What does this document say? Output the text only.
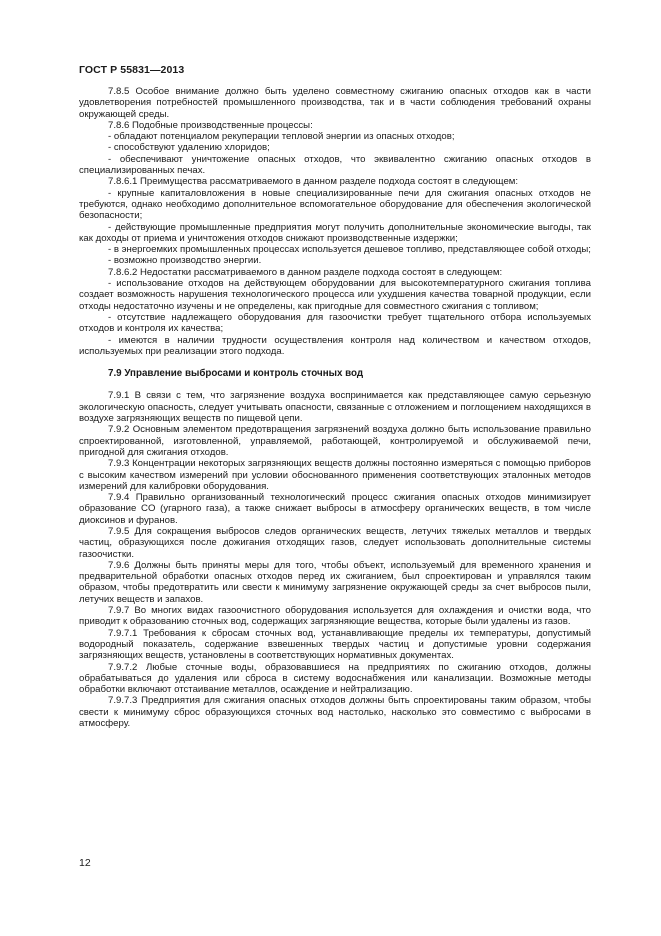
ГОСТ Р 55831—2013

7.8.5 Особое внимание должно быть уделено совместному сжиганию опасных отходов как в части удовлетворения потребностей промышленного производства, так и в части соблюдения требований охраны окружающей среды.

7.8.6 Подобные производственные процессы:

- обладают потенциалом рекуперации тепловой энергии из опасных отходов;

- способствуют удалению хлоридов;

- обеспечивают уничтожение опасных отходов, что эквивалентно сжиганию опасных отходов в специализированных печах.

7.8.6.1 Преимущества рассматриваемого в данном разделе подхода состоят в следующем:

- крупные капиталовложения в новые специализированные печи для сжигания опасных отходов не требуются, однако необходимо дополнительное вспомогательное оборудование для обеспечения экологической безопасности;

- действующие промышленные предприятия могут получить дополнительные экономические выгоды, так как доходы от приема и уничтожения отходов снижают производственные издержки;

- в энергоемких промышленных процессах используется дешевое топливо, представляющее собой отходы;

- возможно производство энергии.

7.8.6.2 Недостатки рассматриваемого в данном разделе подхода состоят в следующем:

- использование отходов на действующем оборудовании для высокотемпературного сжигания топлива создает возможность нарушения технологического процесса или ухудшения качества товарной продукции, если отходы недостаточно изучены и не определены, как пригодные для совместного сжигания с топливом;

- отсутствие надлежащего оборудования для газоочистки требует тщательного отбора используемых отходов и контроля их качества;

- имеются в наличии трудности осуществления контроля над количеством и качеством отходов, используемых при реализации этого подхода.

7.9 Управление выбросами и контроль сточных вод

7.9.1 В связи с тем, что загрязнение воздуха воспринимается как представляющее самую серьезную экологическую опасность, следует учитывать опасности, связанные с отложением и поглощением находящихся в воздухе загрязняющих веществ по пищевой цепи.

7.9.2 Основным элементом предотвращения загрязнений воздуха должно быть использование правильно спроектированной, изготовленной, управляемой, работающей, контролируемой и обслуживаемой печи, пригодной для сжигания отходов.

7.9.3 Концентрации некоторых загрязняющих веществ должны постоянно измеряться с помощью приборов с высоким качеством измерений при условии обоснованного применения соответствующих эталонных методов измерений для калибровки оборудования.

7.9.4 Правильно организованный технологический процесс сжигания опасных отходов минимизирует образование CO (угарного газа), а также снижает выбросы в атмосферу органических веществ, в том числе диоксинов и фуранов.

7.9.5 Для сокращения выбросов следов органических веществ, летучих тяжелых металлов и твердых частиц, образующихся после дожигания отходящих газов, следует использовать дополнительные системы газоочистки.

7.9.6 Должны быть приняты меры для того, чтобы объект, используемый для временного хранения и предварительной обработки опасных отходов перед их сжиганием, был спроектирован и управлялся таким образом, чтобы предотвратить или свести к минимуму загрязнение окружающей среды за счет выбросов пыли, летучих веществ и запахов.

7.9.7 Во многих видах газоочистного оборудования используется для охлаждения и очистки вода, что приводит к образованию сточных вод, содержащих загрязняющие вещества, которые были удалены из газов.

7.9.7.1 Требования к сбросам сточных вод, устанавливающие пределы их температуры, допустимый водородный показатель, содержание взвешенных твердых частиц и допустимые уровни содержания загрязняющих веществ, установлены в соответствующих нормативных документах.

7.9.7.2 Любые сточные воды, образовавшиеся на предприятиях по сжиганию отходов, должны обрабатываться до удаления или сброса в систему водоснабжения или канализации. Возможные методы обработки включают отстаивание металлов, осаждение и нейтрализацию.

7.9.7.3 Предприятия для сжигания опасных отходов должны быть спроектированы таким образом, чтобы свести к минимуму сброс образующихся сточных вод настолько, насколько это совместимо с выбросами в атмосферу.

12
